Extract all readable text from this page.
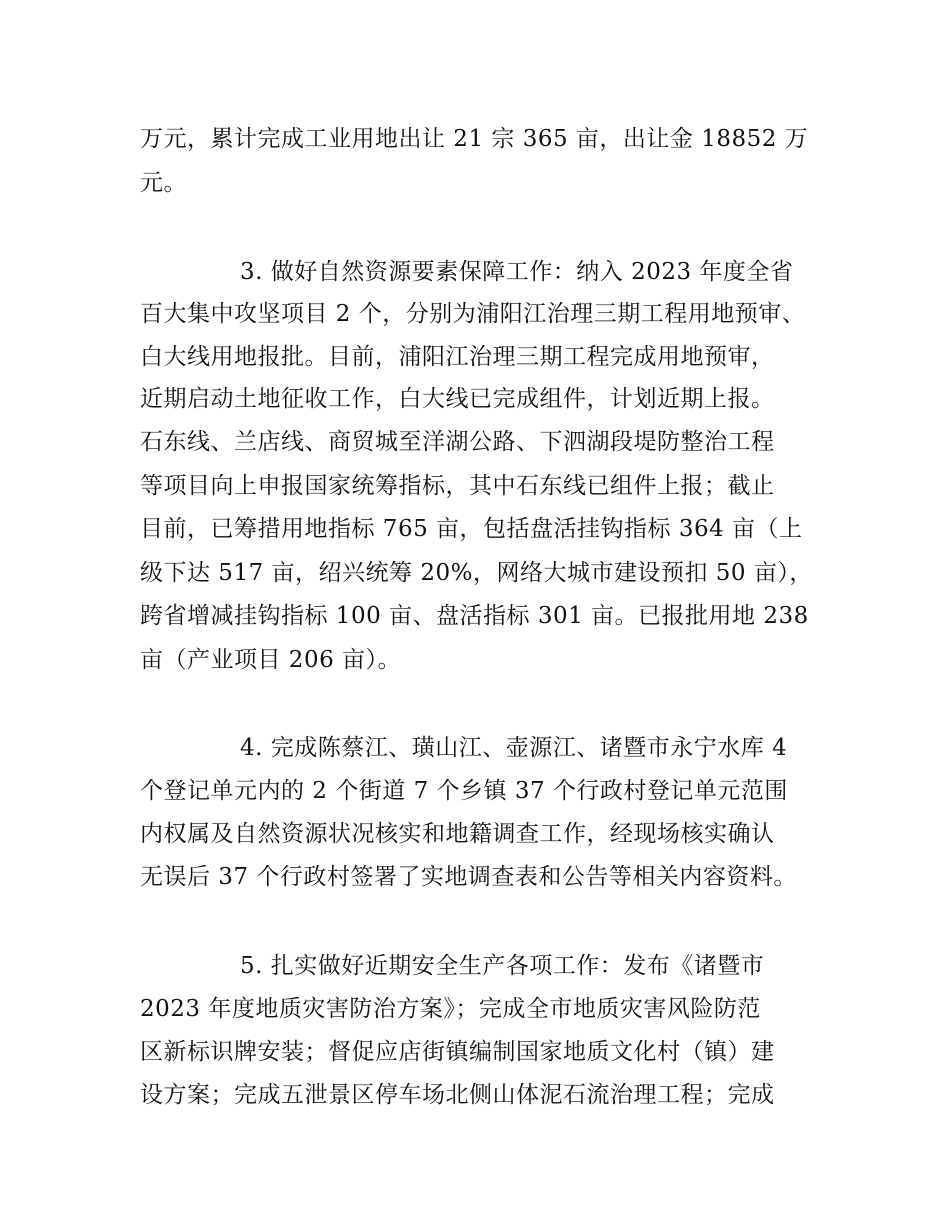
万元，累计完成工业用地出让 21 宗 365 亩，出让金 18852 万
元。
3. 做好自然资源要素保障工作：纳入 2023 年度全省
百大集中攻坚项目 2 个，分别为浦阳江治理三期工程用地预审、
白大线用地报批。目前，浦阳江治理三期工程完成用地预审，
近期启动土地征收工作，白大线已完成组件，计划近期上报。
石东线、兰店线、商贸城至洋湖公路、下泗湖段堤防整治工程
等项目向上申报国家统筹指标，其中石东线已组件上报；截止
目前，已筹措用地指标 765 亩，包括盘活挂钩指标 364 亩（上
级下达 517 亩，绍兴统筹 20%，网络大城市建设预扣 50 亩），
跨省增减挂钩指标 100 亩、盘活指标 301 亩。已报批用地 238
亩（产业项目 206 亩）。
4. 完成陈蔡江、璜山江、壶源江、诸暨市永宁水库 4
个登记单元内的 2 个街道 7 个乡镇 37 个行政村登记单元范围
内权属及自然资源状况核实和地籍调查工作，经现场核实确认
无误后 37 个行政村签署了实地调查表和公告等相关内容资料。
5. 扎实做好近期安全生产各项工作：发布《诸暨市
2023 年度地质灾害防治方案》；完成全市地质灾害风险防范
区新标识牌安装；督促应店街镇编制国家地质文化村（镇）建
设方案；完成五泄景区停车场北侧山体泥石流治理工程；完成
